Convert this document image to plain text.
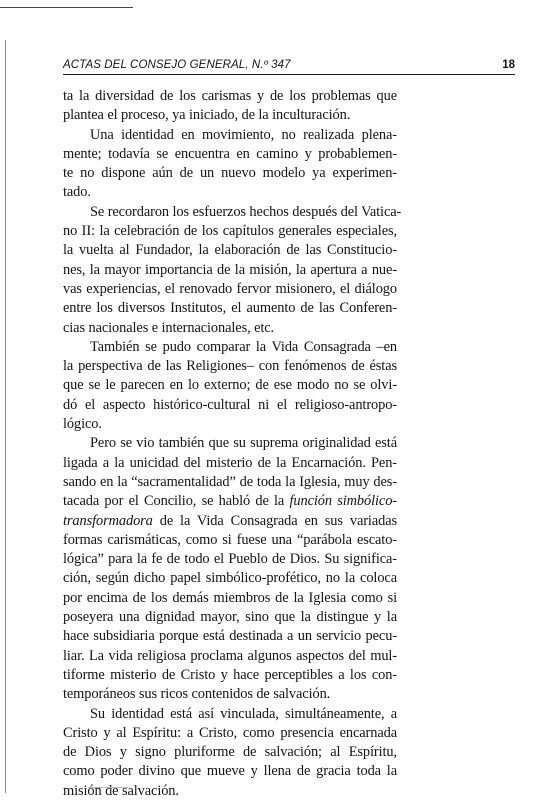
ACTAS DEL CONSEJO GENERAL, N.º 347	18
ta la diversidad de los carismas y de los problemas que
plantea el proceso, ya iniciado, de la inculturación.
Una identidad en movimiento, no realizada plena-
mente; todavía se encuentra en camino y probablemen-
te no dispone aún de un nuevo modelo ya experimen-
tado.
Se recordaron los esfuerzos hechos después del Vatica-
no II: la celebración de los capítulos generales especiales,
la vuelta al Fundador, la elaboración de las Constitucio-
nes, la mayor importancia de la misión, la apertura a nue-
vas experiencias, el renovado fervor misionero, el diálogo
entre los diversos Institutos, el aumento de las Conferen-
cias nacionales e internacionales, etc.
También se pudo comparar la Vida Consagrada –en
la perspectiva de las Religiones– con fenómenos de éstas
que se le parecen en lo externo; de ese modo no se olvi-
dó el aspecto histórico-cultural ni el religioso-antropo-
lógico.
Pero se vio también que su suprema originalidad está
ligada a la unicidad del misterio de la Encarnación. Pen-
sando en la “sacramentalidad” de toda la Iglesia, muy des-
tacada por el Concilio, se habló de la función simbólico-
transformadora de la Vida Consagrada en sus variadas
formas carismáticas, como si fuese una “parábola escato-
lógica” para la fe de todo el Pueblo de Dios. Su significa-
ción, según dicho papel simbólico-profético, no la coloca
por encima de los demás miembros de la Iglesia como si
poseyera una dignidad mayor, sino que la distingue y la
hace subsidiaria porque está destinada a un servicio pecu-
liar. La vida religiosa proclama algunos aspectos del mul-
tiforme misterio de Cristo y hace perceptibles a los con-
temporáneos sus ricos contenidos de salvación.
Su identidad está así vinculada, simultáneamente, a
Cristo y al Espíritu: a Cristo, como presencia encarnada
de Dios y signo pluriforme de salvación; al Espíritu,
como poder divino que mueve y llena de gracia toda la
misión de salvación.
